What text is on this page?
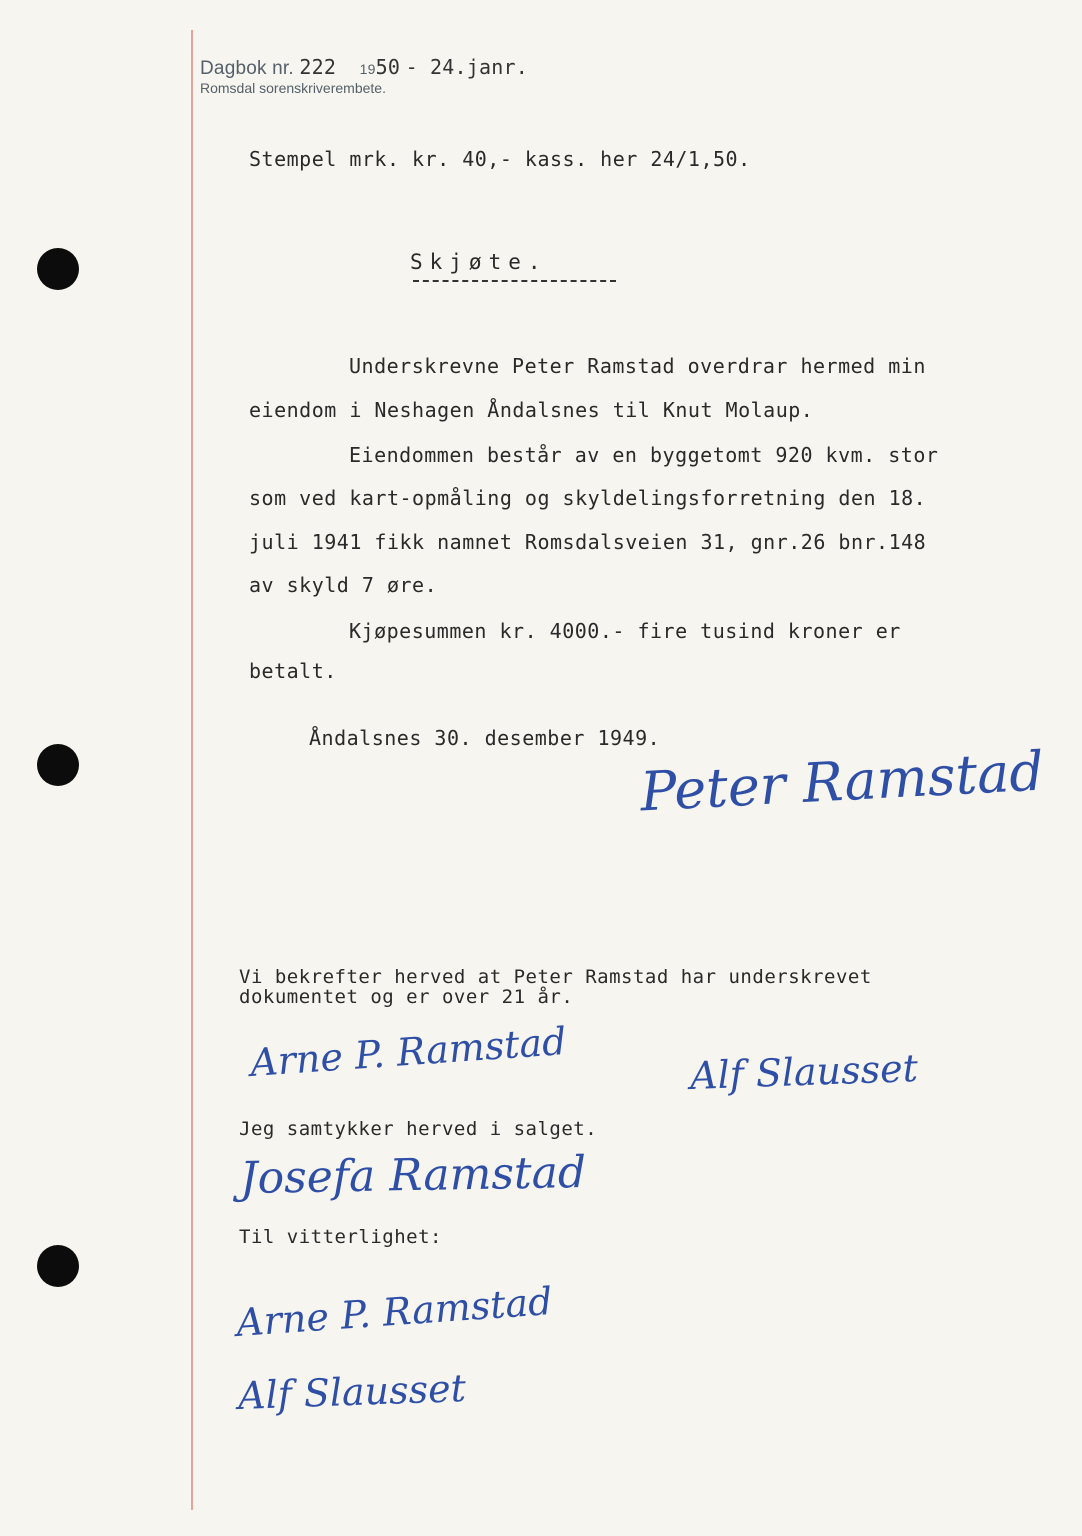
Dagbok nr. 222 1950 - 24.janr.
Romsdal sorenskriverembete.
Stempel mrk. kr. 40,- kass. her 24/1,50.
Skjøte.
Underskrevne Peter Ramstad overdrar hermed min
eiendom i Neshagen Åndalsnes til Knut Molaup.
Eiendommen består av en byggetomt 920 kvm. stor
som ved kart-opmåling og skyldelingsforretning den 18.
juli 1941 fikk namnet Romsdalsveien 31, gnr.26 bnr.148
av skyld 7 øre.
Kjøpesummen kr. 4000.- fire tusind kroner er
betalt.
Åndalsnes 30. desember 1949.
Peter Ramstad
Vi bekrefter herved at Peter Ramstad har underskrevet
dokumentet og er over 21 år.
Arne P. Ramstad	Alf Slausset
Jeg samtykker herved i salget.
Josefa Ramstad
Til vitterlighet:
Arne P. Ramstad
Alf Slausset
